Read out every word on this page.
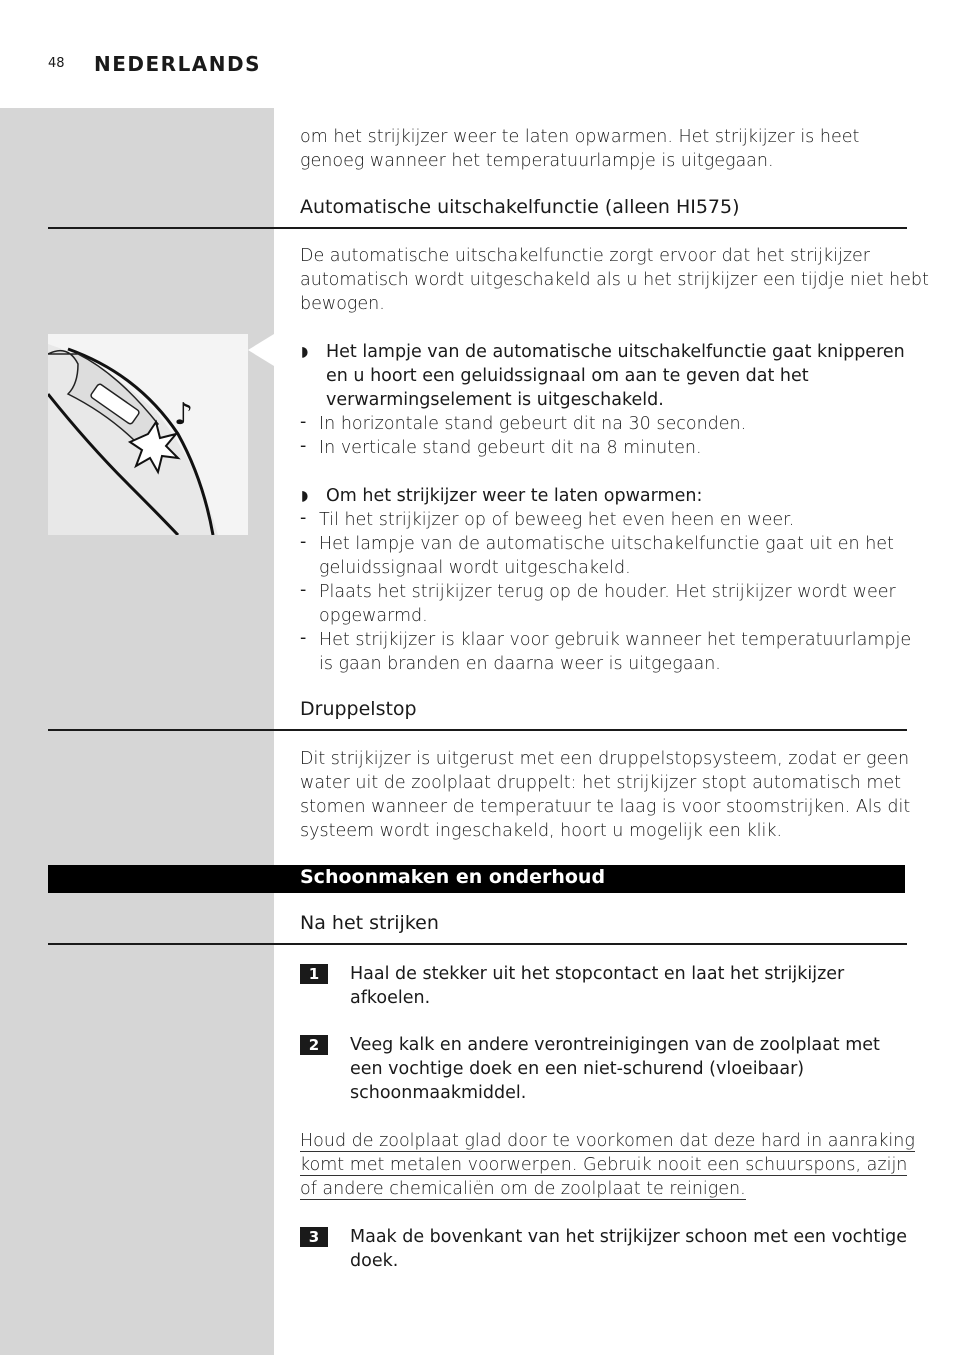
48 NEDERLANDS
om het strijkijzer weer te laten opwarmen. Het strijkijzer is heet
genoeg wanneer het temperatuurlampje is uitgegaan.
Automatische uitschakelfunctie (alleen HI575)
De automatische uitschakelfunctie zorgt ervoor dat het strijkijzer
automatisch wordt uitgeschakeld als u het strijkijzer een tijdje niet hebt
bewogen.
♪
◗ Het lampje van de automatische uitschakelfunctie gaat knipperen
en u hoort een geluidssignaal om aan te geven dat het
verwarmingselement is uitgeschakeld.
- In horizontale stand gebeurt dit na 30 seconden.
- In verticale stand gebeurt dit na 8 minuten.
◗ Om het strijkijzer weer te laten opwarmen:
- Til het strijkijzer op of beweeg het even heen en weer.
- Het lampje van de automatische uitschakelfunctie gaat uit en het
geluidssignaal wordt uitgeschakeld.
- Plaats het strijkijzer terug op de houder. Het strijkijzer wordt weer
opgewarmd.
- Het strijkijzer is klaar voor gebruik wanneer het temperatuurlampje
is gaan branden en daarna weer is uitgegaan.
Druppelstop
Dit strijkijzer is uitgerust met een druppelstopsysteem, zodat er geen
water uit de zoolplaat druppelt: het strijkijzer stopt automatisch met
stomen wanneer de temperatuur te laag is voor stoomstrijken. Als dit
systeem wordt ingeschakeld, hoort u mogelijk een klik.
Schoonmaken en onderhoud
Na het strijken
1	Haal de stekker uit het stopcontact en laat het strijkijzer
afkoelen.
2	Veeg kalk en andere verontreinigingen van de zoolplaat met
een vochtige doek en een niet-schurend (vloeibaar)
schoonmaakmiddel.
Houd de zoolplaat glad door te voorkomen dat deze hard in aanraking
komt met metalen voorwerpen. Gebruik nooit een schuurspons, azijn
of andere chemicaliën om de zoolplaat te reinigen.
3	Maak de bovenkant van het strijkijzer schoon met een vochtige
doek.
